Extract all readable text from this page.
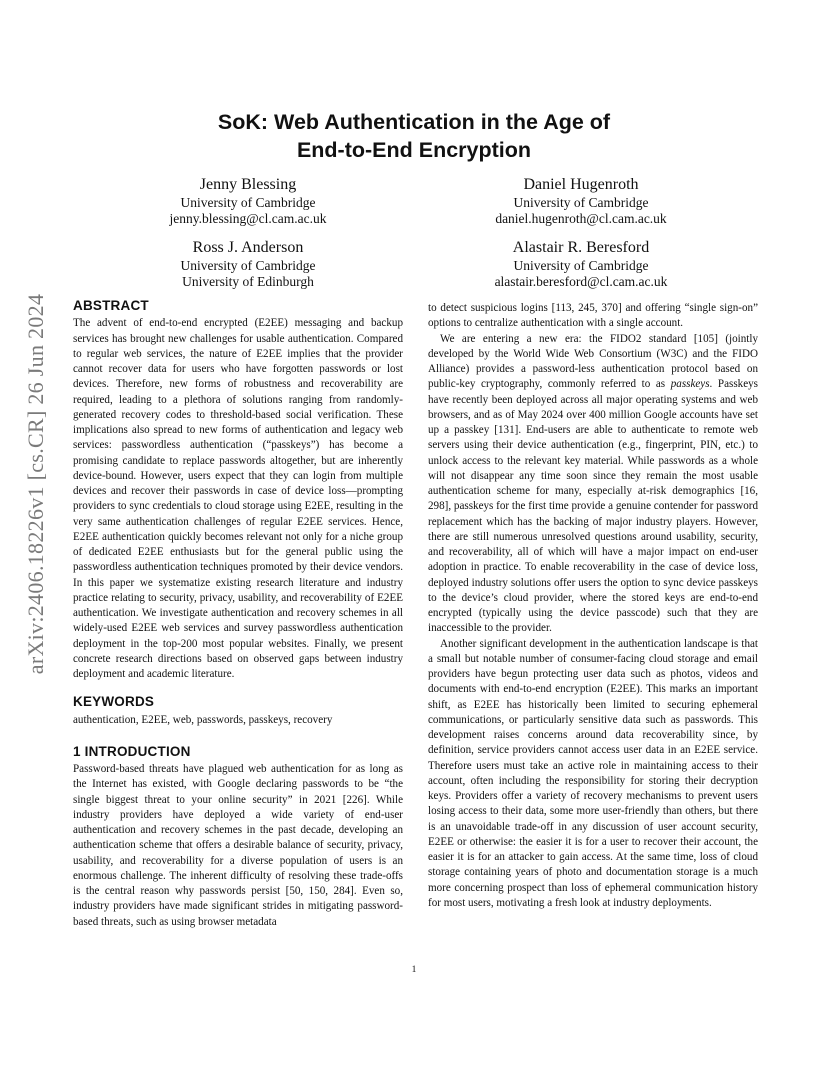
arXiv:2406.18226v1 [cs.CR] 26 Jun 2024
SoK: Web Authentication in the Age of
End-to-End Encryption
Jenny Blessing
University of Cambridge
jenny.blessing@cl.cam.ac.uk
Daniel Hugenroth
University of Cambridge
daniel.hugenroth@cl.cam.ac.uk
Ross J. Anderson
University of Cambridge
University of Edinburgh
Alastair R. Beresford
University of Cambridge
alastair.beresford@cl.cam.ac.uk
ABSTRACT

The advent of end-to-end encrypted (E2EE) messaging and backup services has brought new challenges for usable authentication. Compared to regular web services, the nature of E2EE implies that the provider cannot recover data for users who have forgotten passwords or lost devices. Therefore, new forms of robustness and recoverability are required, leading to a plethora of solutions ranging from randomly-generated recovery codes to threshold-based social verification. These implications also spread to new forms of authentication and legacy web services: passwordless authentication (“passkeys”) has become a promising candidate to replace passwords altogether, but are inherently device-bound. However, users expect that they can login from multiple devices and recover their passwords in case of device loss—prompting providers to sync credentials to cloud storage using E2EE, resulting in the very same authentication challenges of regular E2EE services. Hence, E2EE authentication quickly becomes relevant not only for a niche group of dedicated E2EE enthusiasts but for the general public using the passwordless authentication techniques promoted by their device vendors. In this paper we systematize existing research literature and industry practice relating to security, privacy, usability, and recoverability of E2EE authentication. We investigate authentication and recovery schemes in all widely-used E2EE web services and survey passwordless authentication deployment in the top-200 most popular websites. Finally, we present concrete research directions based on observed gaps between industry deployment and academic literature.

KEYWORDS

authentication, E2EE, web, passwords, passkeys, recovery

1 INTRODUCTION

Password-based threats have plagued web authentication for as long as the Internet has existed, with Google declaring passwords to be “the single biggest threat to your online security” in 2021 [226]. While industry providers have deployed a wide variety of end-user authentication and recovery schemes in the past decade, developing an authentication scheme that offers a desirable balance of security, privacy, usability, and recoverability for a diverse population of users is an enormous challenge. The inherent difficulty of resolving these trade-offs is the central reason why passwords persist [50, 150, 284]. Even so, industry providers have made significant strides in mitigating password-based threats, such as using browser metadata

to detect suspicious logins [113, 245, 370] and offering “single sign-on” options to centralize authentication with a single account.

We are entering a new era: the FIDO2 standard [105] (jointly developed by the World Wide Web Consortium (W3C) and the FIDO Alliance) provides a password-less authentication protocol based on public-key cryptography, commonly referred to as passkeys. Passkeys have recently been deployed across all major operating systems and web browsers, and as of May 2024 over 400 million Google accounts have set up a passkey [131]. End-users are able to authenticate to remote web servers using their device authentication (e.g., fingerprint, PIN, etc.) to unlock access to the relevant key material. While passwords as a whole will not disappear any time soon since they remain the most usable authentication scheme for many, especially at-risk demographics [16, 298], passkeys for the first time provide a genuine contender for password replacement which has the backing of major industry players. However, there are still numerous unresolved questions around usability, security, and recoverability, all of which will have a major impact on end-user adoption in practice. To enable recoverability in the case of device loss, deployed industry solutions offer users the option to sync device passkeys to the device’s cloud provider, where the stored keys are end-to-end encrypted (typically using the device passcode) such that they are inaccessible to the provider.

Another significant development in the authentication landscape is that a small but notable number of consumer-facing cloud storage and email providers have begun protecting user data such as photos, videos and documents with end-to-end encryption (E2EE). This marks an important shift, as E2EE has historically been limited to securing ephemeral communications, or particularly sensitive data such as passwords. This development raises concerns around data recoverability since, by definition, service providers cannot access user data in an E2EE service. Therefore users must take an active role in maintaining access to their account, often including the responsibility for storing their decryption keys. Providers offer a variety of recovery mechanisms to prevent users losing access to their data, some more user-friendly than others, but there is an unavoidable trade-off in any discussion of user account security, E2EE or otherwise: the easier it is for a user to recover their account, the easier it is for an attacker to gain access. At the same time, loss of cloud storage containing years of photo and documentation storage is a much more concerning prospect than loss of ephemeral communication history for most users, motivating a fresh look at industry deployments.

1
